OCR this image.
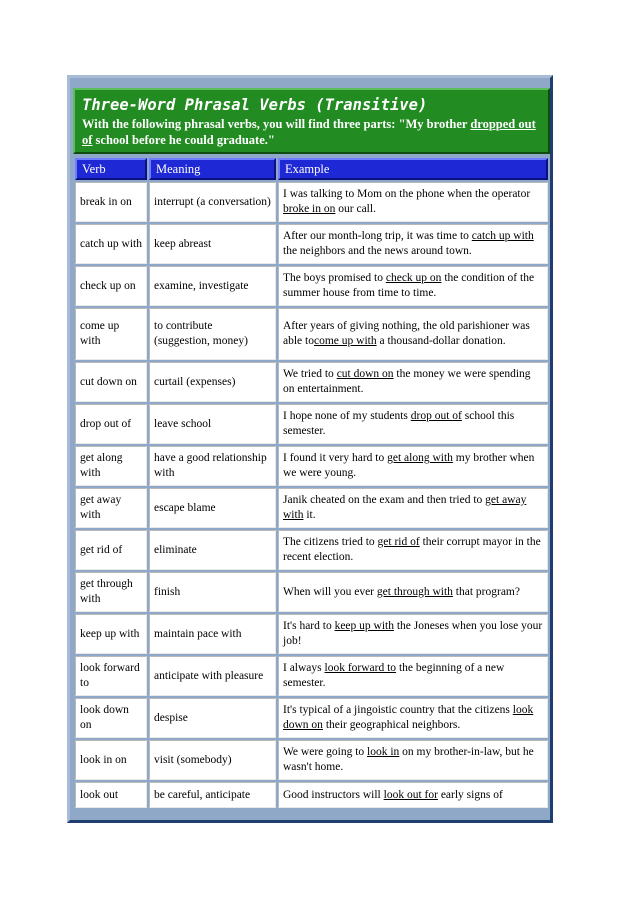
Three-Word Phrasal Verbs (Transitive)
With the following phrasal verbs, you will find three parts: "My brother dropped out of school before he could graduate."
Verb	Meaning	Example
break in on	interrupt (a conversation)	I was talking to Mom on the phone when the operator broke in on our call.
catch up with	keep abreast	After our month-long trip, it was time to catch up with the neighbors and the news around town.
check up on	examine, investigate	The boys promised to check up on the condition of the summer house from time to time.
come up with	to contribute (suggestion, money)	After years of giving nothing, the old parishioner was able tocome up with a thousand-dollar donation.
cut down on	curtail (expenses)	We tried to cut down on the money we were spending on entertainment.
drop out of	leave school	I hope none of my students drop out of school this semester.
get along with	have a good relationship with	I found it very hard to get along with my brother when we were young.
get away with	escape blame	Janik cheated on the exam and then tried to get away with it.
get rid of	eliminate	The citizens tried to get rid of their corrupt mayor in the recent election.
get through with	finish	When will you ever get through with that program?
keep up with	maintain pace with	It's hard to keep up with the Joneses when you lose your job!
look forward to	anticipate with pleasure	I always look forward to the beginning of a new semester.
look down on	despise	It's typical of a jingoistic country that the citizens look down on their geographical neighbors.
look in on	visit (somebody)	We were going to look in on my brother-in-law, but he wasn't home.
look out	be careful, anticipate	Good instructors will look out for early signs of
